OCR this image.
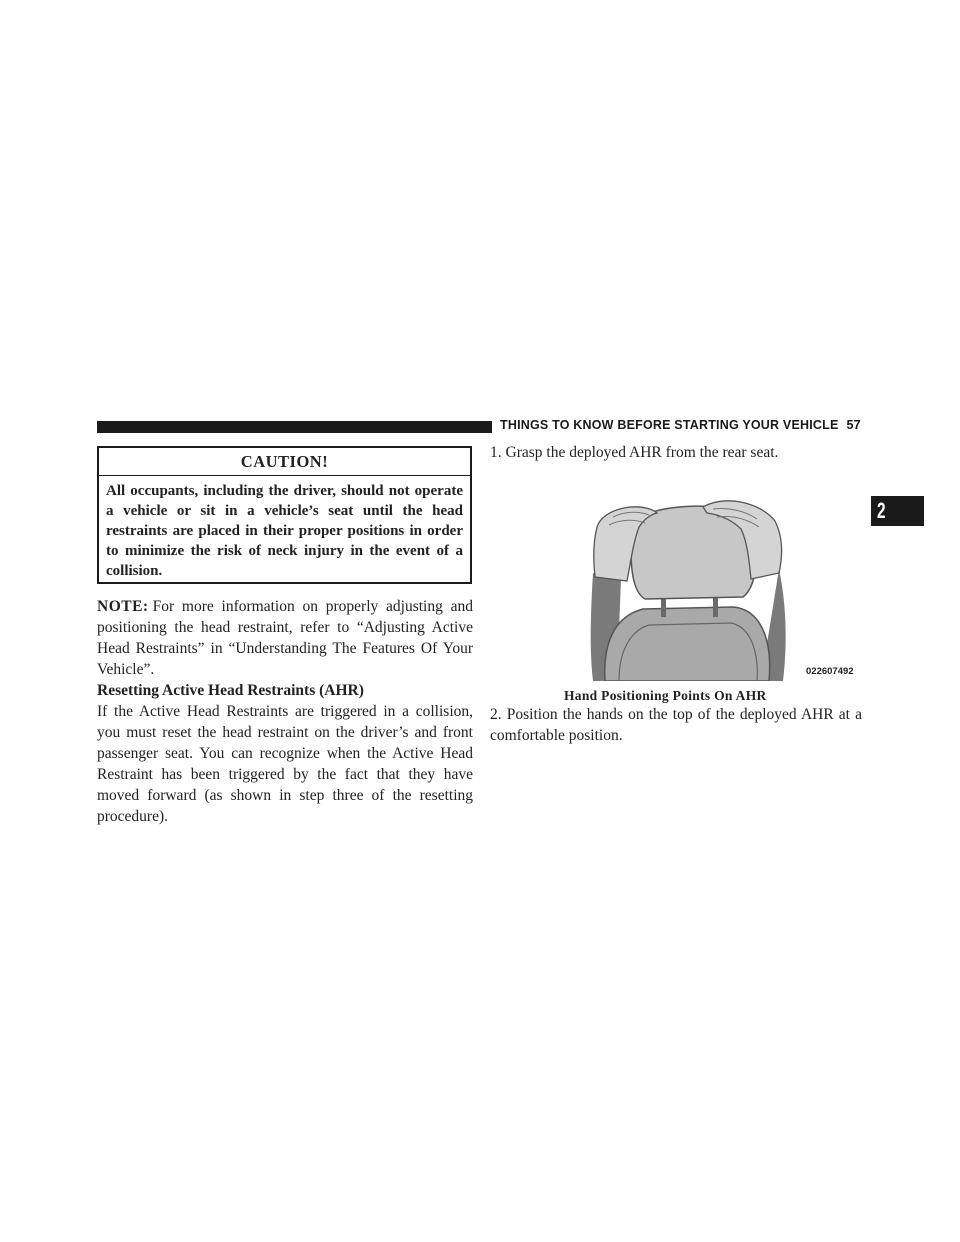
THINGS TO KNOW BEFORE STARTING YOUR VEHICLE 57
2
CAUTION!
All occupants, including the driver, should not operate a vehicle or sit in a vehicle’s seat until the head restraints are placed in their proper positions in order to minimize the risk of neck injury in the event of a collision.
NOTE: For more information on properly adjusting and positioning the head restraint, refer to “Adjusting Active Head Restraints” in “Understanding The Features Of Your Vehicle”.
Resetting Active Head Restraints (AHR)
If the Active Head Restraints are triggered in a collision, you must reset the head restraint on the driver’s and front passenger seat. You can recognize when the Active Head Restraint has been triggered by the fact that they have moved forward (as shown in step three of the resetting procedure).
1. Grasp the deployed AHR from the rear seat.
022607492
Hand Positioning Points On AHR
2. Position the hands on the top of the deployed AHR at a comfortable position.
